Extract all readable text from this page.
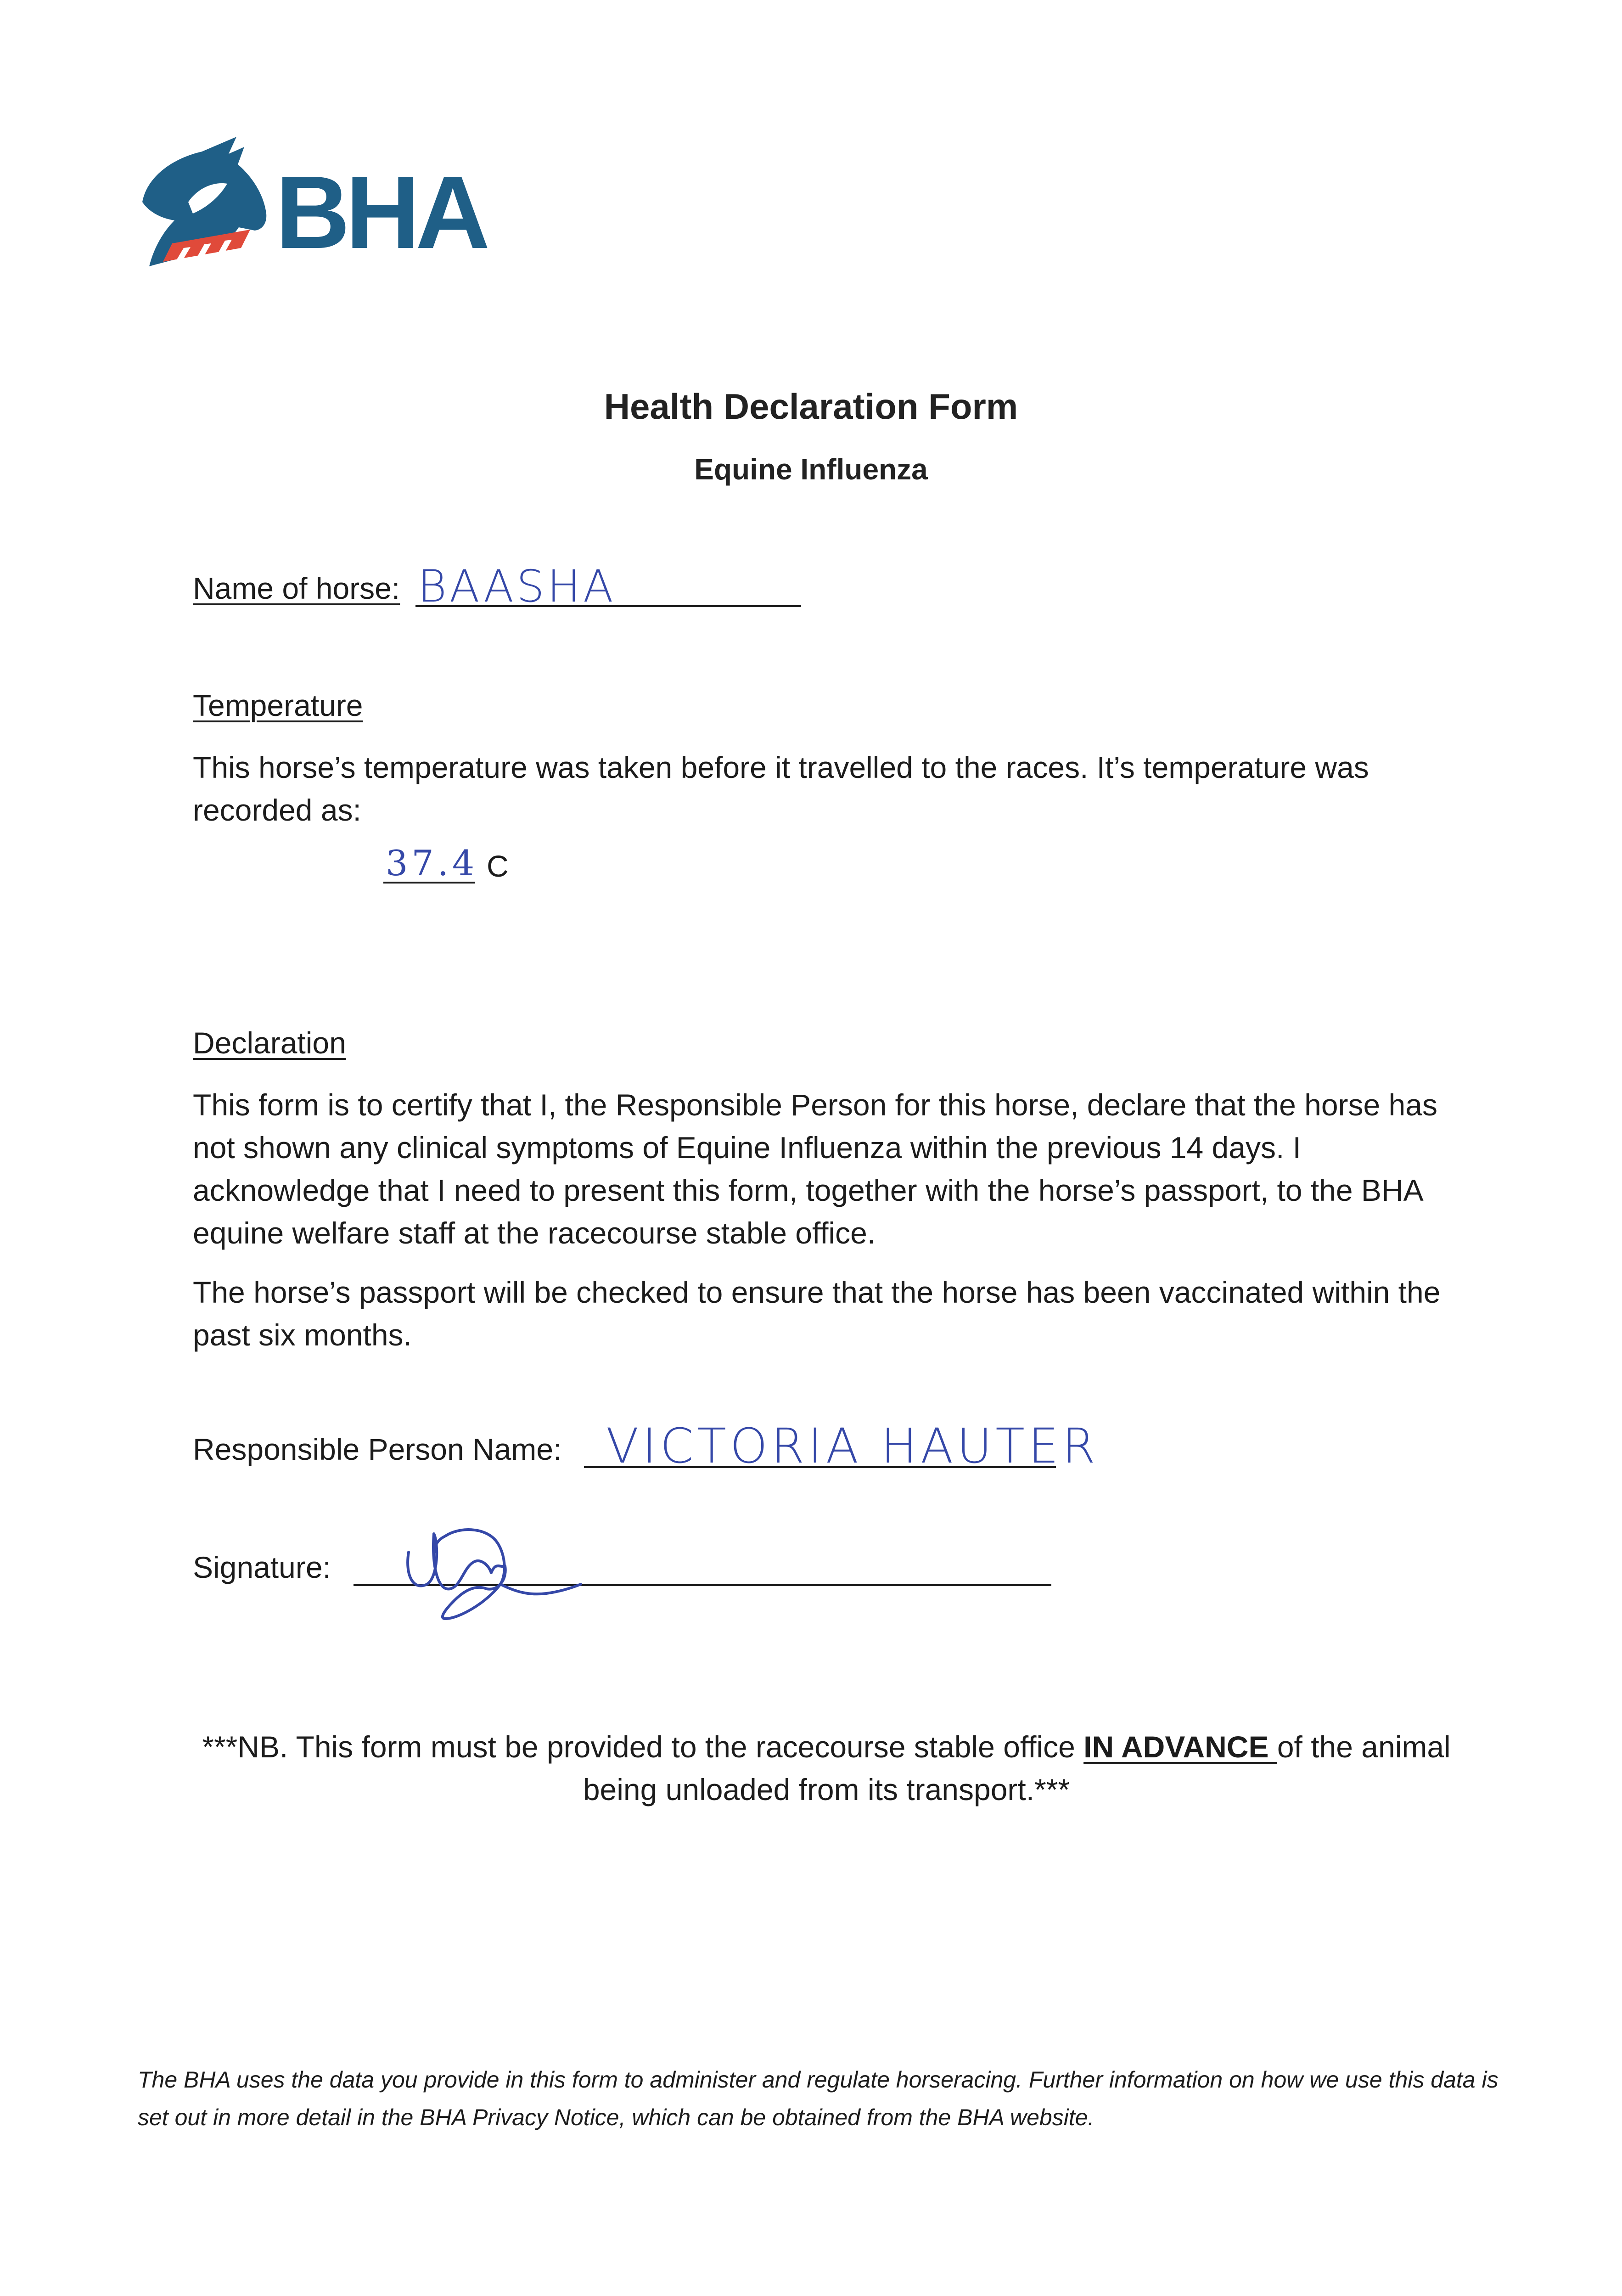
BHA
Health Declaration Form
Equine Influenza
Name of horse: BAASHA
Temperature
This horse’s temperature was taken before it travelled to the races. It’s temperature was recorded as:
37.4 C
Declaration
This form is to certify that I, the Responsible Person for this horse, declare that the horse has not shown any clinical symptoms of Equine Influenza within the previous 14 days. I acknowledge that I need to present this form, together with the horse’s passport, to the BHA equine welfare staff at the racecourse stable office.
The horse’s passport will be checked to ensure that the horse has been vaccinated within the past six months.
Responsible Person Name: VICTORIA HAUTER
Signature:
***NB. This form must be provided to the racecourse stable office IN ADVANCE of the animal being unloaded from its transport.***
The BHA uses the data you provide in this form to administer and regulate horseracing. Further information on how we use this data is set out in more detail in the BHA Privacy Notice, which can be obtained from the BHA website.
